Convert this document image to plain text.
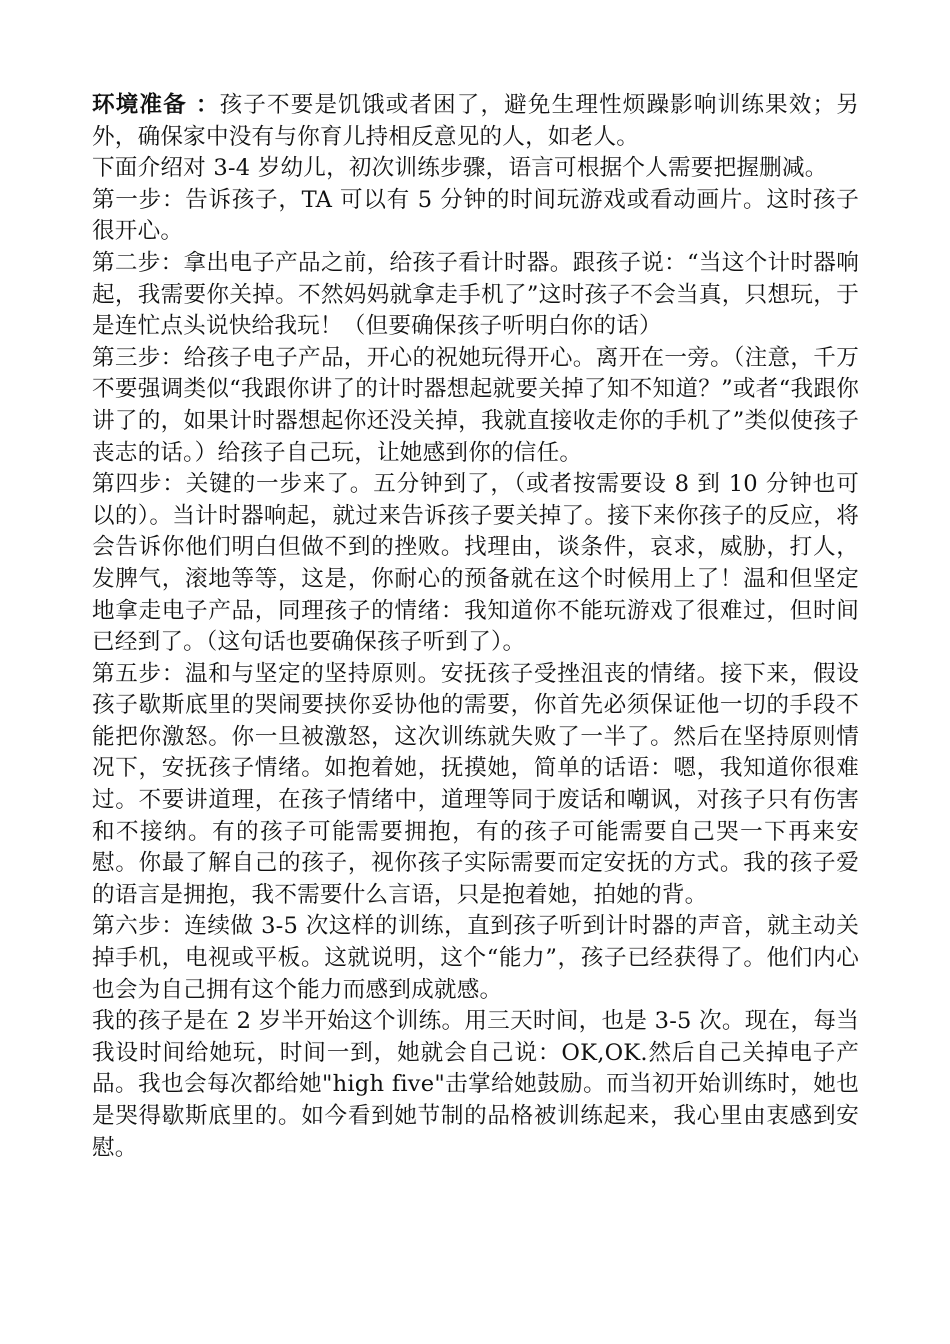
环境准备 ：孩子不要是饥饿或者困了，避免生理性烦躁影响训练果效；另外，确保家中没有与你育儿持相反意见的人，如老人。

下面介绍对 3-4 岁幼儿，初次训练步骤，语言可根据个人需要把握删减。

第一步：告诉孩子，TA 可以有 5 分钟的时间玩游戏或看动画片。这时孩子很开心。

第二步：拿出电子产品之前，给孩子看计时器。跟孩子说：“当这个计时器响起，我需要你关掉。不然妈妈就拿走手机了”这时孩子不会当真，只想玩，于是连忙点头说快给我玩！（但要确保孩子听明白你的话）

第三步：给孩子电子产品，开心的祝她玩得开心。离开在一旁。（注意，千万不要强调类似“我跟你讲了的计时器想起就要关掉了知不知道？”或者“我跟你讲了的，如果计时器想起你还没关掉，我就直接收走你的手机了”类似使孩子丧志的话。）给孩子自己玩，让她感到你的信任。

第四步：关键的一步来了。五分钟到了，（或者按需要设 8 到 10 分钟也可以的）。当计时器响起，就过来告诉孩子要关掉了。接下来你孩子的反应，将会告诉你他们明白但做不到的挫败。找理由，谈条件，哀求，威胁，打人，发脾气，滚地等等，这是，你耐心的预备就在这个时候用上了！温和但坚定地拿走电子产品，同理孩子的情绪：我知道你不能玩游戏了很难过，但时间已经到了。（这句话也要确保孩子听到了）。

第五步：温和与坚定的坚持原则。安抚孩子受挫沮丧的情绪。接下来，假设孩子歇斯底里的哭闹要挟你妥协他的需要，你首先必须保证他一切的手段不能把你激怒。你一旦被激怒，这次训练就失败了一半了。然后在坚持原则情况下，安抚孩子情绪。如抱着她，抚摸她，简单的话语：嗯，我知道你很难过。不要讲道理，在孩子情绪中，道理等同于废话和嘲讽，对孩子只有伤害和不接纳。有的孩子可能需要拥抱，有的孩子可能需要自己哭一下再来安慰。你最了解自己的孩子，视你孩子实际需要而定安抚的方式。我的孩子爱的语言是拥抱，我不需要什么言语，只是抱着她，拍她的背。

第六步：连续做 3-5 次这样的训练，直到孩子听到计时器的声音，就主动关掉手机，电视或平板。这就说明，这个“能力”，孩子已经获得了。他们内心也会为自己拥有这个能力而感到成就感。

我的孩子是在 2 岁半开始这个训练。用三天时间，也是 3-5 次。现在，每当我设时间给她玩，时间一到，她就会自己说：OK,OK.然后自己关掉电子产品。我也会每次都给她"high five"击掌给她鼓励。而当初开始训练时，她也是哭得歇斯底里的。如今看到她节制的品格被训练起来，我心里由衷感到安慰。
